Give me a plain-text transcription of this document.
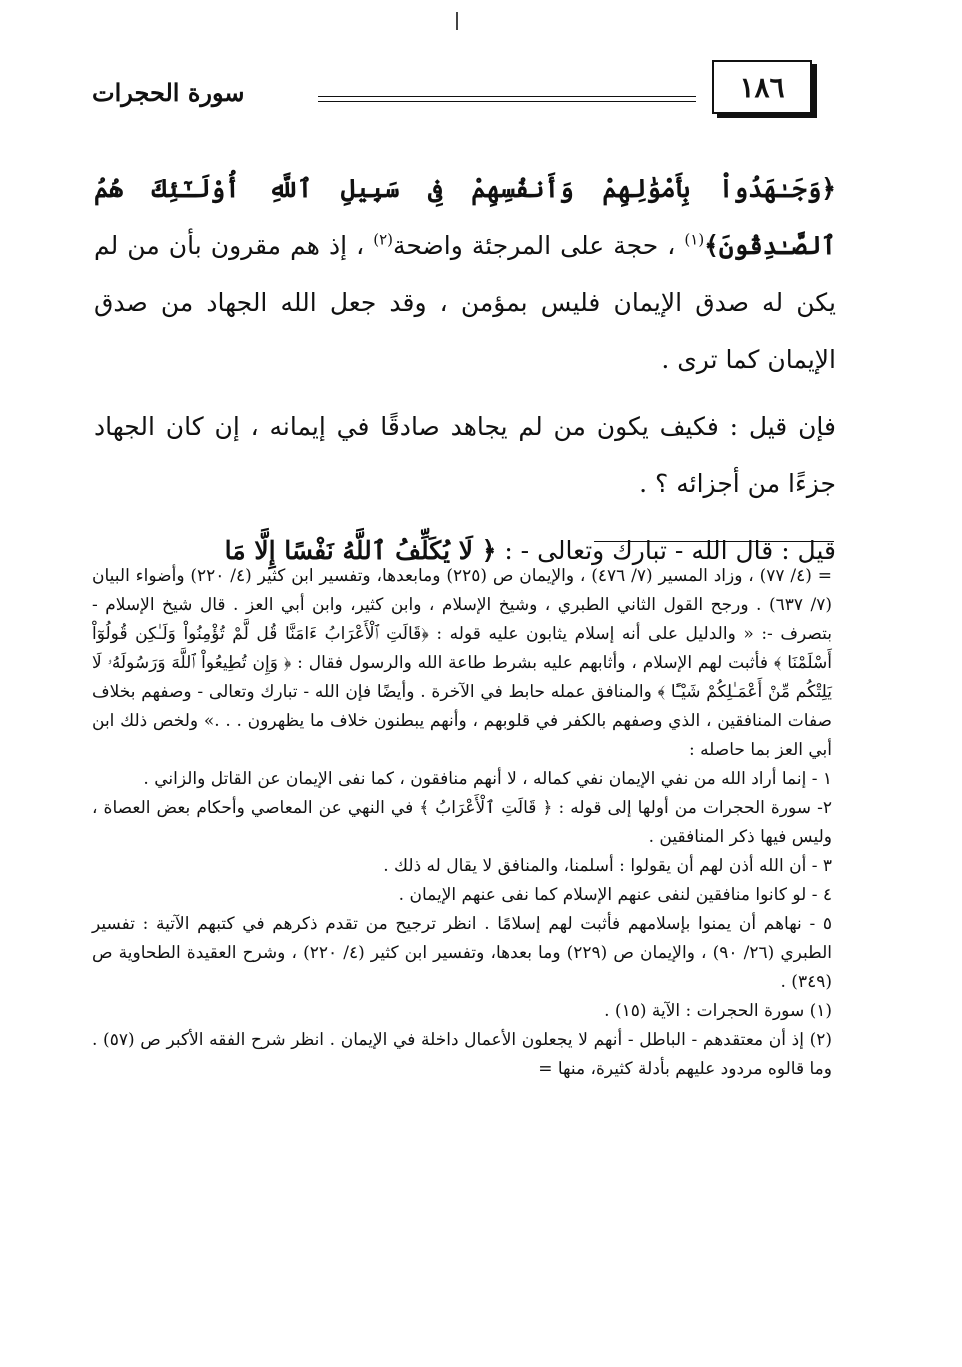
١٨٦
سورة الحجرات

﴿وَجَـٰهَدُواْ بِأَمْوَٰلِهِمْ وَأَنفُسِهِمْ فِى سَبِيلِ ٱللَّهِ أُوْلَـٰٓئِكَ هُمُ ٱلصَّـٰدِقُونَ﴾$^{(١)}$ ، حجة على المرجئة واضحة$^{(٢)}$ ، إذ هم مقرون بأن من لم يكن له صدق الإيمان فليس بمؤمن ، وقد جعل الله الجهاد من صدق الإيمان كما ترى .

فإن قيل : فكيف يكون من لم يجاهد صادقًا في إيمانه ، إن كان الجهاد جزءًا من أجزائه ؟ .

قيل : قال الله - تبارك وتعالى - : ﴿ لَا يُكَلِّفُ ٱللَّهُ نَفْسًا إِلَّا مَا

= (٤/ ٧٧) ، وزاد المسير (٧/ ٤٧٦) ، والإيمان ص (٢٢٥) ومابعدها، وتفسير ابن كثير (٤/ ٢٢٠) وأضواء البيان (٧/ ٦٣٧) . ورجح القول الثاني الطبري ، وشيخ الإسلام ، وابن كثير، وابن أبي العز . قال شيخ الإسلام - بتصرف -: « والدليل على أنه إسلام يثابون عليه قوله : ﴿قَالَتِ ٱلْأَعْرَابُ ءَامَنَّا قُل لَّمْ تُؤْمِنُواْ وَلَـٰكِن قُولُوٓاْ أَسْلَمْنَا ﴾ فأثبت لهم الإسلام ، وأثابهم عليه بشرط طاعة الله والرسول فقال : ﴿ وَإِن تُطِيعُواْ ٱللَّهَ وَرَسُولَهُۥ لَا يَلِتْكُم مِّنْ أَعْمَـٰلِكُمْ شَيْـًٔا ﴾ والمنافق عمله حابط في الآخرة . وأيضًا فإن الله - تبارك وتعالى - وصفهم بخلاف صفات المنافقين ، الذي وصفهم بالكفر في قلوبهم ، وأنهم يبطنون خلاف ما يظهرون . . .» ولخص ذلك ابن أبي العز بما حاصله :

١ - إنما أراد الله من نفي الإيمان نفي كماله ، لا أنهم منافقون ، كما نفى الإيمان عن القاتل والزاني .

٢- سورة الحجرات من أولها إلى قوله : ﴿ قَالَتِ ٱلْأَعْرَابُ ﴾ في النهي عن المعاصي وأحكام بعض العصاة ، وليس فيها ذكر المنافقين .

٣ - أن الله أذن لهم أن يقولوا : أسلمنا، والمنافق لا يقال له ذلك .

٤ - لو كانوا منافقين لنفى عنهم الإسلام كما نفى عنهم الإيمان .

٥ - نهاهم أن يمنوا بإسلامهم فأثبت لهم إسلامًا . انظر ترجيح من تقدم ذكرهم في كتبهم الآتية : تفسير الطبري (٢٦/ ٩٠) ، والإيمان ص (٢٢٩) وما بعدها، وتفسير ابن كثير (٤/ ٢٢٠) ، وشرح العقيدة الطحاوية ص (٣٤٩) .

(١) سورة الحجرات : الآية (١٥) .

(٢) إذ أن معتقدهم - الباطل - أنهم لا يجعلون الأعمال داخلة في الإيمان . انظر شرح الفقه الأكبر ص (٥٧) . وما قالوه مردود عليهم بأدلة كثيرة، منها =
